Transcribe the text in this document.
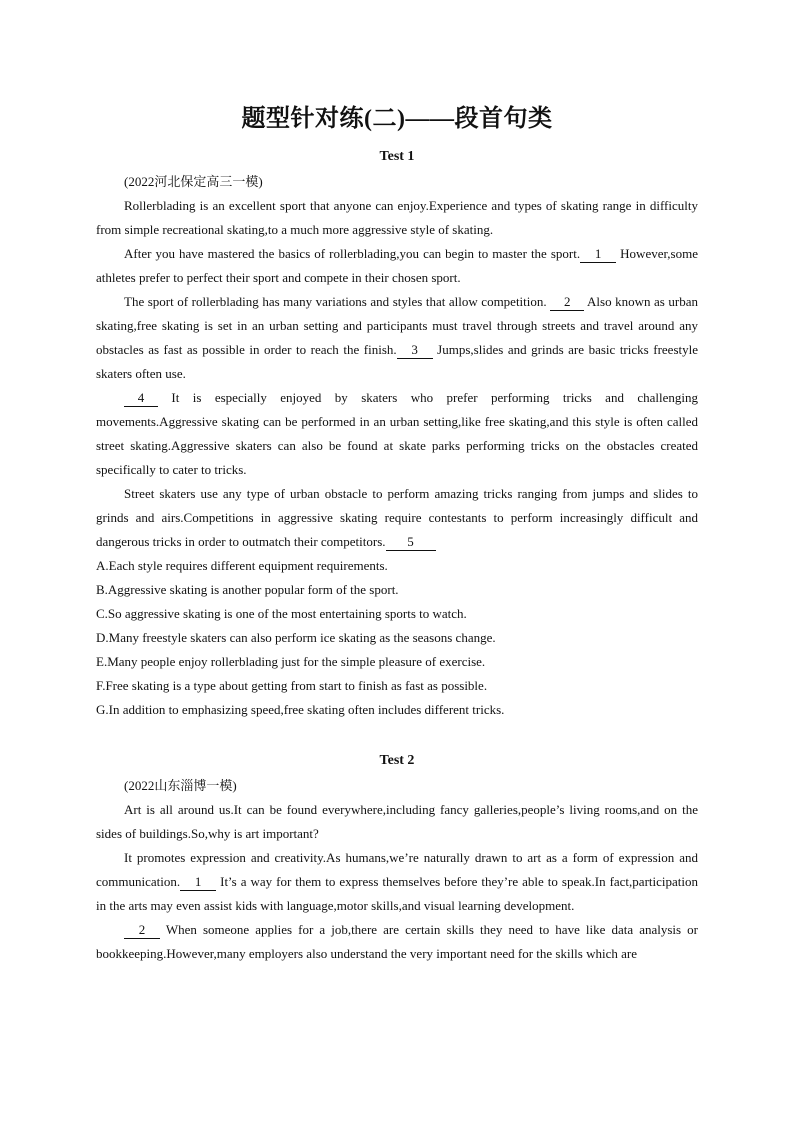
题型针对练(二)——段首句类
Test 1
(2022河北保定高三一模)

Rollerblading is an excellent sport that anyone can enjoy.Experience and types of skating range in difficulty from simple recreational skating,to a much more aggressive style of skating.

After you have mastered the basics of rollerblading,you can begin to master the sport. 1 However,some athletes prefer to perfect their sport and compete in their chosen sport.

The sport of rollerblading has many variations and styles that allow competition. 2 Also known as urban skating,free skating is set in an urban setting and participants must travel through streets and travel around any obstacles as fast as possible in order to reach the finish. 3 Jumps,slides and grinds are basic tricks freestyle skaters often use.

4 It is especially enjoyed by skaters who prefer performing tricks and challenging movements.Aggressive skating can be performed in an urban setting,like free skating,and this style is often called street skating.Aggressive skaters can also be found at skate parks performing tricks on the obstacles created specifically to cater to tricks.

Street skaters use any type of urban obstacle to perform amazing tricks ranging from jumps and slides to grinds and airs.Competitions in aggressive skating require contestants to perform increasingly difficult and dangerous tricks in order to outmatch their competitors. 5

A.Each style requires different equipment requirements.

B.Aggressive skating is another popular form of the sport.

C.So aggressive skating is one of the most entertaining sports to watch.

D.Many freestyle skaters can also perform ice skating as the seasons change.

E.Many people enjoy rollerblading just for the simple pleasure of exercise.

F.Free skating is a type about getting from start to finish as fast as possible.

G.In addition to emphasizing speed,free skating often includes different tricks.

Test 2
(2022山东淄博一模)

Art is all around us.It can be found everywhere,including fancy galleries,people’s living rooms,and on the sides of buildings.So,why is art important?

It promotes expression and creativity.As humans,we’re naturally drawn to art as a form of expression and communication. 1 It’s a way for them to express themselves before they’re able to speak.In fact,participation in the arts may even assist kids with language,motor skills,and visual learning development.

2 When someone applies for a job,there are certain skills they need to have like data analysis or bookkeeping.However,many employers also understand the very important need for the skills which are
